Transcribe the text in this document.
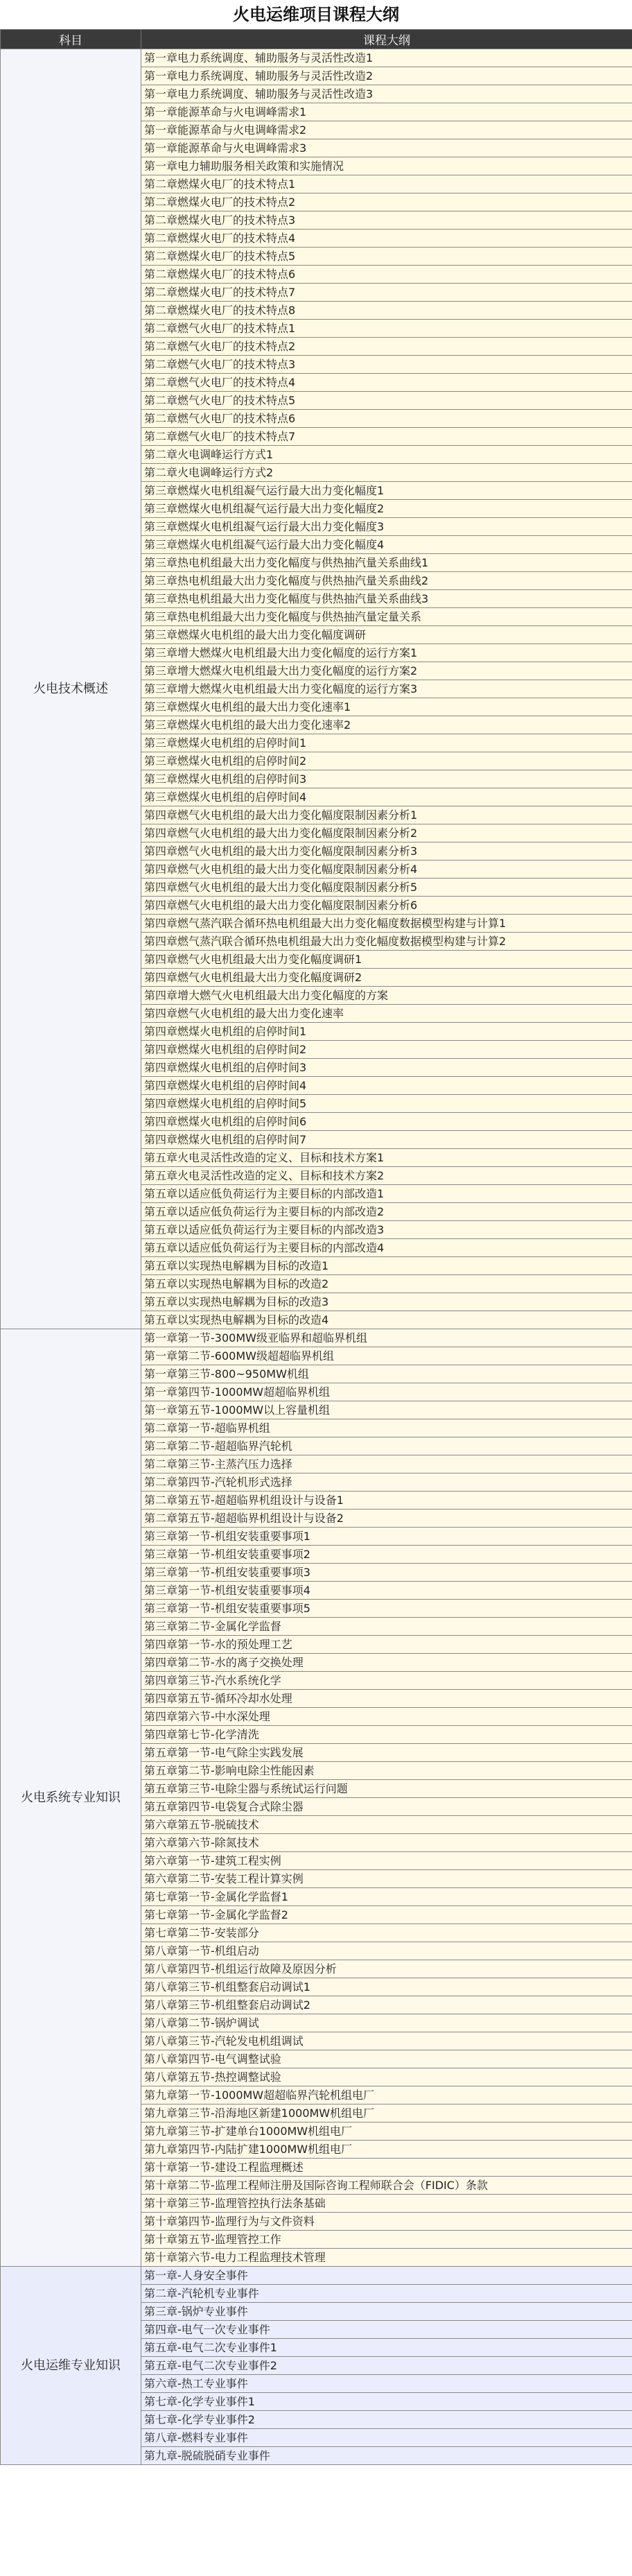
火电运维项目课程大纲
科目	课程大纲
火电技术概述	第一章电力系统调度、辅助服务与灵活性改造1
	第一章电力系统调度、辅助服务与灵活性改造2
	第一章电力系统调度、辅助服务与灵活性改造3
	第一章能源革命与火电调峰需求1
	第一章能源革命与火电调峰需求2
	第一章能源革命与火电调峰需求3
	第一章电力辅助服务相关政策和实施情况
	第二章燃煤火电厂的技术特点1
	第二章燃煤火电厂的技术特点2
	第二章燃煤火电厂的技术特点3
	第二章燃煤火电厂的技术特点4
	第二章燃煤火电厂的技术特点5
	第二章燃煤火电厂的技术特点6
	第二章燃煤火电厂的技术特点7
	第二章燃煤火电厂的技术特点8
	第二章燃气火电厂的技术特点1
	第二章燃气火电厂的技术特点2
	第二章燃气火电厂的技术特点3
	第二章燃气火电厂的技术特点4
	第二章燃气火电厂的技术特点5
	第二章燃气火电厂的技术特点6
	第二章燃气火电厂的技术特点7
	第二章火电调峰运行方式1
	第二章火电调峰运行方式2
	第三章燃煤火电机组凝气运行最大出力变化幅度1
	第三章燃煤火电机组凝气运行最大出力变化幅度2
	第三章燃煤火电机组凝气运行最大出力变化幅度3
	第三章燃煤火电机组凝气运行最大出力变化幅度4
	第三章热电机组最大出力变化幅度与供热抽汽量关系曲线1
	第三章热电机组最大出力变化幅度与供热抽汽量关系曲线2
	第三章热电机组最大出力变化幅度与供热抽汽量关系曲线3
	第三章热电机组最大出力变化幅度与供热抽汽量定量关系
	第三章燃煤火电机组的最大出力变化幅度调研
	第三章增大燃煤火电机组最大出力变化幅度的运行方案1
	第三章增大燃煤火电机组最大出力变化幅度的运行方案2
	第三章增大燃煤火电机组最大出力变化幅度的运行方案3
	第三章燃煤火电机组的最大出力变化速率1
	第三章燃煤火电机组的最大出力变化速率2
	第三章燃煤火电机组的启停时间1
	第三章燃煤火电机组的启停时间2
	第三章燃煤火电机组的启停时间3
	第三章燃煤火电机组的启停时间4
	第四章燃气火电机组的最大出力变化幅度限制因素分析1
	第四章燃气火电机组的最大出力变化幅度限制因素分析2
	第四章燃气火电机组的最大出力变化幅度限制因素分析3
	第四章燃气火电机组的最大出力变化幅度限制因素分析4
	第四章燃气火电机组的最大出力变化幅度限制因素分析5
	第四章燃气火电机组的最大出力变化幅度限制因素分析6
	第四章燃气蒸汽联合循环热电机组最大出力变化幅度数据模型构建与计算1
	第四章燃气蒸汽联合循环热电机组最大出力变化幅度数据模型构建与计算2
	第四章燃气火电机组最大出力变化幅度调研1
	第四章燃气火电机组最大出力变化幅度调研2
	第四章增大燃气火电机组最大出力变化幅度的方案
	第四章燃气火电机组的最大出力变化速率
	第四章燃煤火电机组的启停时间1
	第四章燃煤火电机组的启停时间2
	第四章燃煤火电机组的启停时间3
	第四章燃煤火电机组的启停时间4
	第四章燃煤火电机组的启停时间5
	第四章燃煤火电机组的启停时间6
	第四章燃煤火电机组的启停时间7
	第五章火电灵活性改造的定义、目标和技术方案1
	第五章火电灵活性改造的定义、目标和技术方案2
	第五章以适应低负荷运行为主要目标的内部改造1
	第五章以适应低负荷运行为主要目标的内部改造2
	第五章以适应低负荷运行为主要目标的内部改造3
	第五章以适应低负荷运行为主要目标的内部改造4
	第五章以实现热电解耦为目标的改造1
	第五章以实现热电解耦为目标的改造2
	第五章以实现热电解耦为目标的改造3
	第五章以实现热电解耦为目标的改造4
火电系统专业知识	第一章第一节-300MW级亚临界和超临界机组
	第一章第二节-600MW级超超临界机组
	第一章第三节-800~950MW机组
	第一章第四节-1000MW超超临界机组
	第一章第五节-1000MW以上容量机组
	第二章第一节-超临界机组
	第二章第二节-超超临界汽轮机
	第二章第三节-主蒸汽压力选择
	第二章第四节-汽轮机形式选择
	第二章第五节-超超临界机组设计与设备1
	第二章第五节-超超临界机组设计与设备2
	第三章第一节-机组安装重要事项1
	第三章第一节-机组安装重要事项2
	第三章第一节-机组安装重要事项3
	第三章第一节-机组安装重要事项4
	第三章第一节-机组安装重要事项5
	第三章第二节-金属化学监督
	第四章第一节-水的预处理工艺
	第四章第二节-水的离子交换处理
	第四章第三节-汽水系统化学
	第四章第五节-循环冷却水处理
	第四章第六节-中水深处理
	第四章第七节-化学清洗
	第五章第一节-电气除尘实践发展
	第五章第二节-影响电除尘性能因素
	第五章第三节-电除尘器与系统试运行问题
	第五章第四节-电袋复合式除尘器
	第六章第五节-脱硫技术
	第六章第六节-除氮技术
	第六章第一节-建筑工程实例
	第六章第二节-安装工程计算实例
	第七章第一节-金属化学监督1
	第七章第一节-金属化学监督2
	第七章第二节-安装部分
	第八章第一节-机组启动
	第八章第四节-机组运行故障及原因分析
	第八章第三节-机组整套启动调试1
	第八章第三节-机组整套启动调试2
	第八章第二节-锅炉调试
	第八章第三节-汽轮发电机组调试
	第八章第四节-电气调整试验
	第八章第五节-热控调整试验
	第九章第一节-1000MW超超临界汽轮机组电厂
	第九章第三节-沿海地区新建1000MW机组电厂
	第九章第三节-扩建单台1000MW机组电厂
	第九章第四节-内陆扩建1000MW机组电厂
	第十章第一节-建设工程监理概述
	第十章第二节-监理工程师注册及国际咨询工程师联合会（FIDIC）条款
	第十章第三节-监理管控执行法条基础
	第十章第四节-监理行为与文件资料
	第十章第五节-监理管控工作
	第十章第六节-电力工程监理技术管理
火电运维专业知识	第一章-人身安全事件
	第二章-汽轮机专业事件
	第三章-锅炉专业事件
	第四章-电气一次专业事件
	第五章-电气二次专业事件1
	第五章-电气二次专业事件2
	第六章-热工专业事件
	第七章-化学专业事件1
	第七章-化学专业事件2
	第八章-燃料专业事件
	第九章-脱硫脱硝专业事件
